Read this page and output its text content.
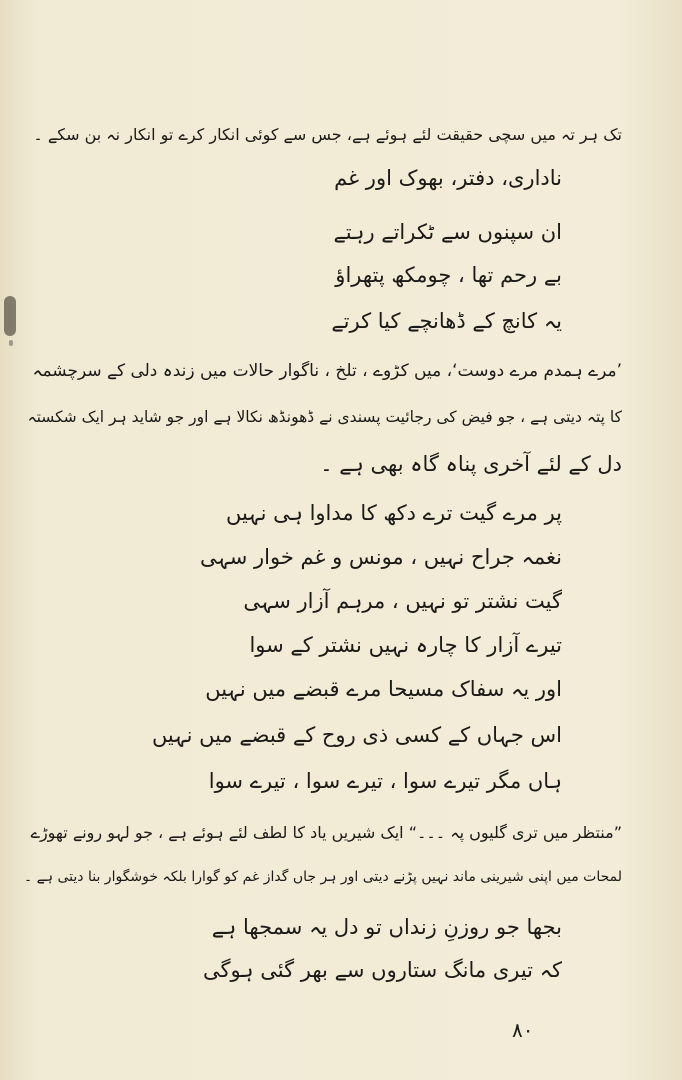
تک ہر تہ میں سچی حقیقت لئے ہوئے ہے، جس سے کوئی انکار کرے تو انکار نہ بن سکے ۔
ناداری، دفتر، بھوک اور غم
ان سپنوں سے ٹکراتے رہتے
بے رحم تھا ، چومکھ پتھراؤ
یہ کانچ کے ڈھانچے کیا کرتے
’مرے ہمدم مرے دوست‘، میں کڑوے ، تلخ ، ناگوار حالات میں زندہ دلی کے سرچشمہ
کا پتہ دیتی ہے ، جو فیض کی رجائیت پسندی نے ڈھونڈھ نکالا ہے اور جو شاید ہر ایک شکستہ
دل کے لئے آخری پناہ گاہ بھی ہے ۔
پر مرے گیت ترے دکھ کا مداوا ہی نہیں
نغمہ جراح نہیں ، مونس و غم خوار سہی
گیت نشتر تو نہیں ، مرہم آزار سہی
تیرے آزار کا چارہ نہیں نشتر کے سوا
اور یہ سفاک مسیحا مرے قبضے میں نہیں
اس جہاں کے کسی ذی روح کے قبضے میں نہیں
ہاں مگر تیرے سوا ، تیرے سوا ، تیرے سوا
”منتظر میں تری گلیوں پہ ۔۔۔“ ایک شیریں یاد کا لطف لئے ہوئے ہے ، جو لہو رونے تھوڑے
لمحات میں اپنی شیرینی ماند نہیں پڑنے دیتی اور ہر جاں گداز غم کو گوارا بلکہ خوشگوار بنا دیتی ہے ۔
بجھا جو روزنِ زنداں تو دل یہ سمجھا ہے
کہ تیری مانگ ستاروں سے بھر گئی ہوگی
۸۰
